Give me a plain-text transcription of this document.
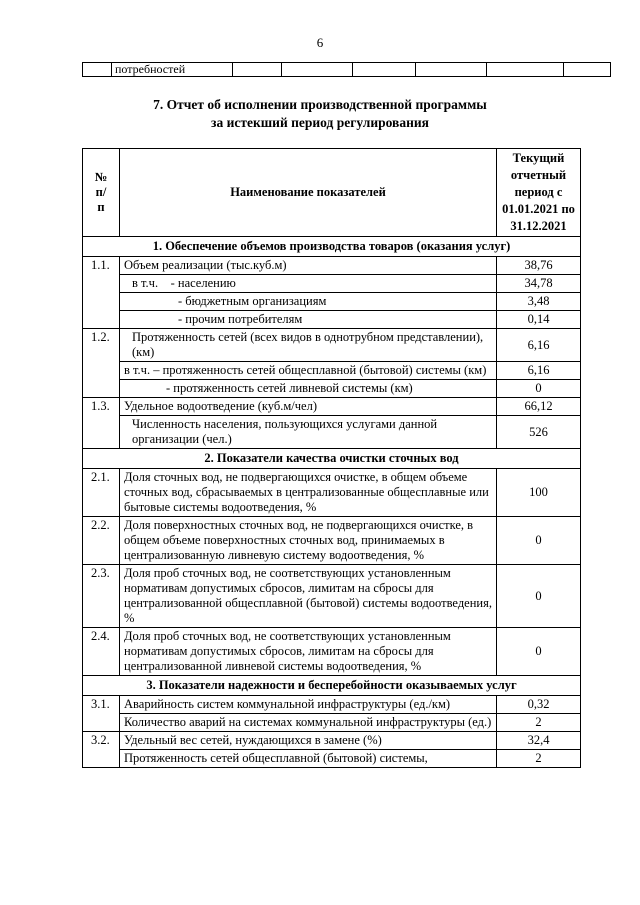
6
	потребностей						
7. Отчет об исполнении производственной программы
за истекший период регулирования
№ п/п	Наименование показателей	Текущий отчетный период с 01.01.2021 по 31.12.2021
1. Обеспечение объемов производства товаров (оказания услуг)		
1.1.	Объем реализации (тыс.куб.м)	38,76
	в т.ч.    - населению	34,78
	- бюджетным организациям	3,48
	- прочим потребителям	0,14
1.2.	Протяженность сетей (всех видов в однотрубном представлении), (км)	6,16
	в т.ч. – протяженность сетей общесплавной (бытовой) системы (км)	6,16
	- протяженность сетей ливневой системы (км)	0
1.3.	Удельное водоотведение (куб.м/чел)	66,12
	Численность населения, пользующихся услугами данной организации (чел.)	526
2. Показатели качества очистки сточных вод		
2.1.	Доля сточных вод, не подвергающихся очистке, в общем объеме сточных вод, сбрасываемых в централизованные общесплавные или бытовые системы водоотведения, %	100
2.2.	Доля поверхностных сточных вод, не подвергающихся очистке, в общем объеме поверхностных сточных вод, принимаемых в централизованную ливневую систему водоотведения, %	0
2.3.	Доля проб сточных вод, не соответствующих установленным нормативам допустимых сбросов, лимитам на сбросы для централизованной общесплавной (бытовой) системы водоотведения, %	0
2.4.	Доля проб сточных вод, не соответствующих установленным нормативам допустимых сбросов, лимитам на сбросы для централизованной ливневой системы водоотведения, %	0
3. Показатели надежности и бесперебойности оказываемых услуг		
3.1.	Аварийность систем коммунальной инфраструктуры (ед./км)	0,32
	Количество аварий на системах коммунальной инфраструктуры (ед.)	2
3.2.	Удельный вес сетей, нуждающихся в замене (%)	32,4
	Протяженность сетей общесплавной (бытовой) системы,	2
